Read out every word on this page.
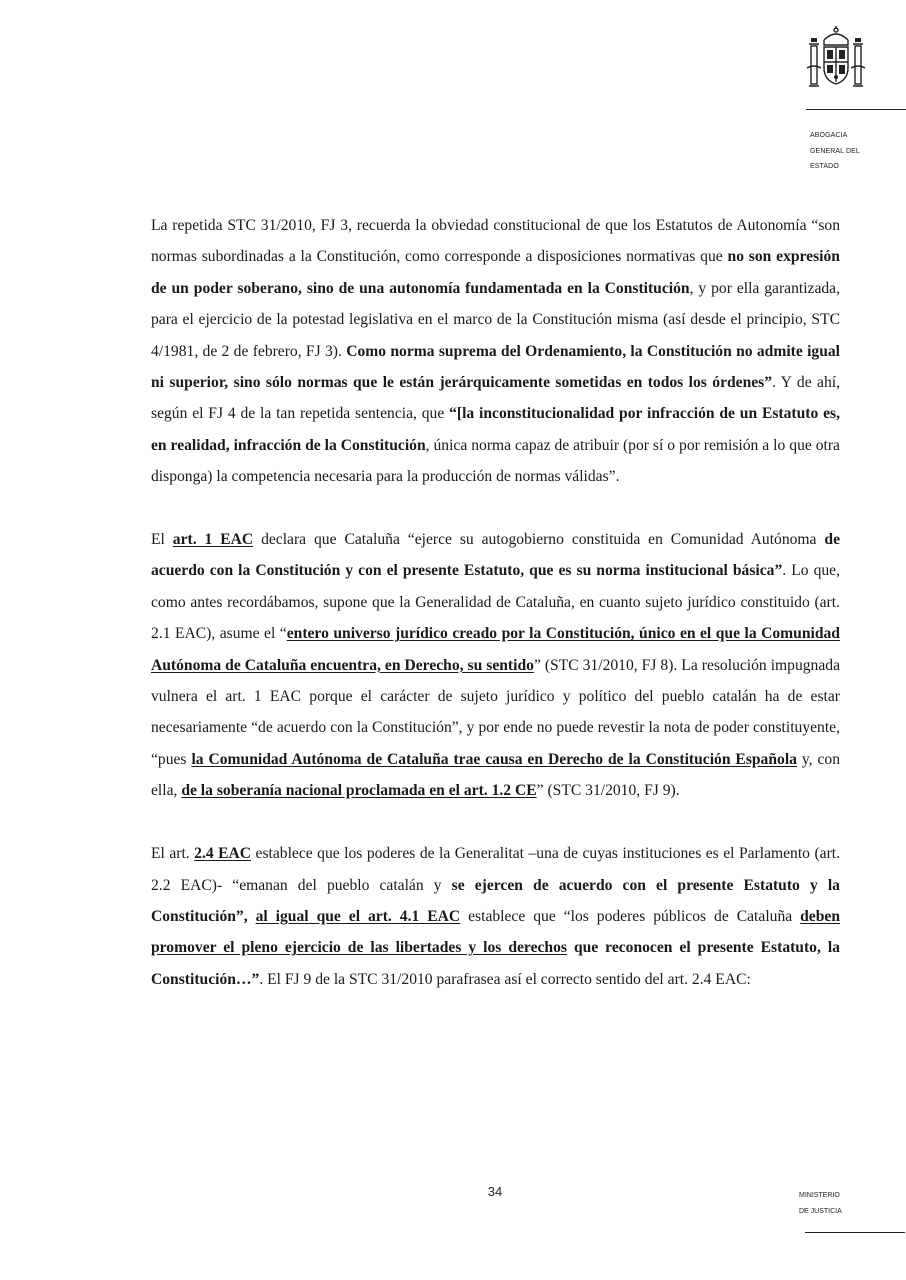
ABOGACIA
GENERAL DEL
ESTADO

La repetida STC 31/2010, FJ 3, recuerda la obviedad constitucional de que los Estatutos de Autonomía “son normas subordinadas a la Constitución, como corresponde a disposiciones normativas que no son expresión de un poder soberano, sino de una autonomía fundamentada en la Constitución, y por ella garantizada, para el ejercicio de la potestad legislativa en el marco de la Constitución misma (así desde el principio, STC 4/1981, de 2 de febrero, FJ 3). Como norma suprema del Ordenamiento, la Constitución no admite igual ni superior, sino sólo normas que le están jerárquicamente sometidas en todos los órdenes”. Y de ahí, según el FJ 4 de la tan repetida sentencia, que “[la inconstitucionalidad por infracción de un Estatuto es, en realidad, infracción de la Constitución, única norma capaz de atribuir (por sí o por remisión a lo que otra disponga) la competencia necesaria para la producción de normas válidas”.

El art. 1 EAC declara que Cataluña “ejerce su autogobierno constituida en Comunidad Autónoma de acuerdo con la Constitución y con el presente Estatuto, que es su norma institucional básica”. Lo que, como antes recordábamos, supone que la Generalidad de Cataluña, en cuanto sujeto jurídico constituido (art. 2.1 EAC), asume el “entero universo jurídico creado por la Constitución, único en el que la Comunidad Autónoma de Cataluña encuentra, en Derecho, su sentido” (STC 31/2010, FJ 8). La resolución impugnada vulnera el art. 1 EAC porque el carácter de sujeto jurídico y político del pueblo catalán ha de estar necesariamente “de acuerdo con la Constitución”, y por ende no puede revestir la nota de poder constituyente, “pues la Comunidad Autónoma de Cataluña trae causa en Derecho de la Constitución Española y, con ella, de la soberanía nacional proclamada en el art. 1.2 CE” (STC 31/2010, FJ 9).

El art. 2.4 EAC establece que los poderes de la Generalitat –una de cuyas instituciones es el Parlamento (art. 2.2 EAC)- “emanan del pueblo catalán y se ejercen de acuerdo con el presente Estatuto y la Constitución”, al igual que el art. 4.1 EAC establece que “los poderes públicos de Cataluña deben promover el pleno ejercicio de las libertades y los derechos que reconocen el presente Estatuto, la Constitución…”. El FJ 9 de la STC 31/2010 parafrasea así el correcto sentido del art. 2.4 EAC:

34	MINISTERIO
DE JUSTICIA
